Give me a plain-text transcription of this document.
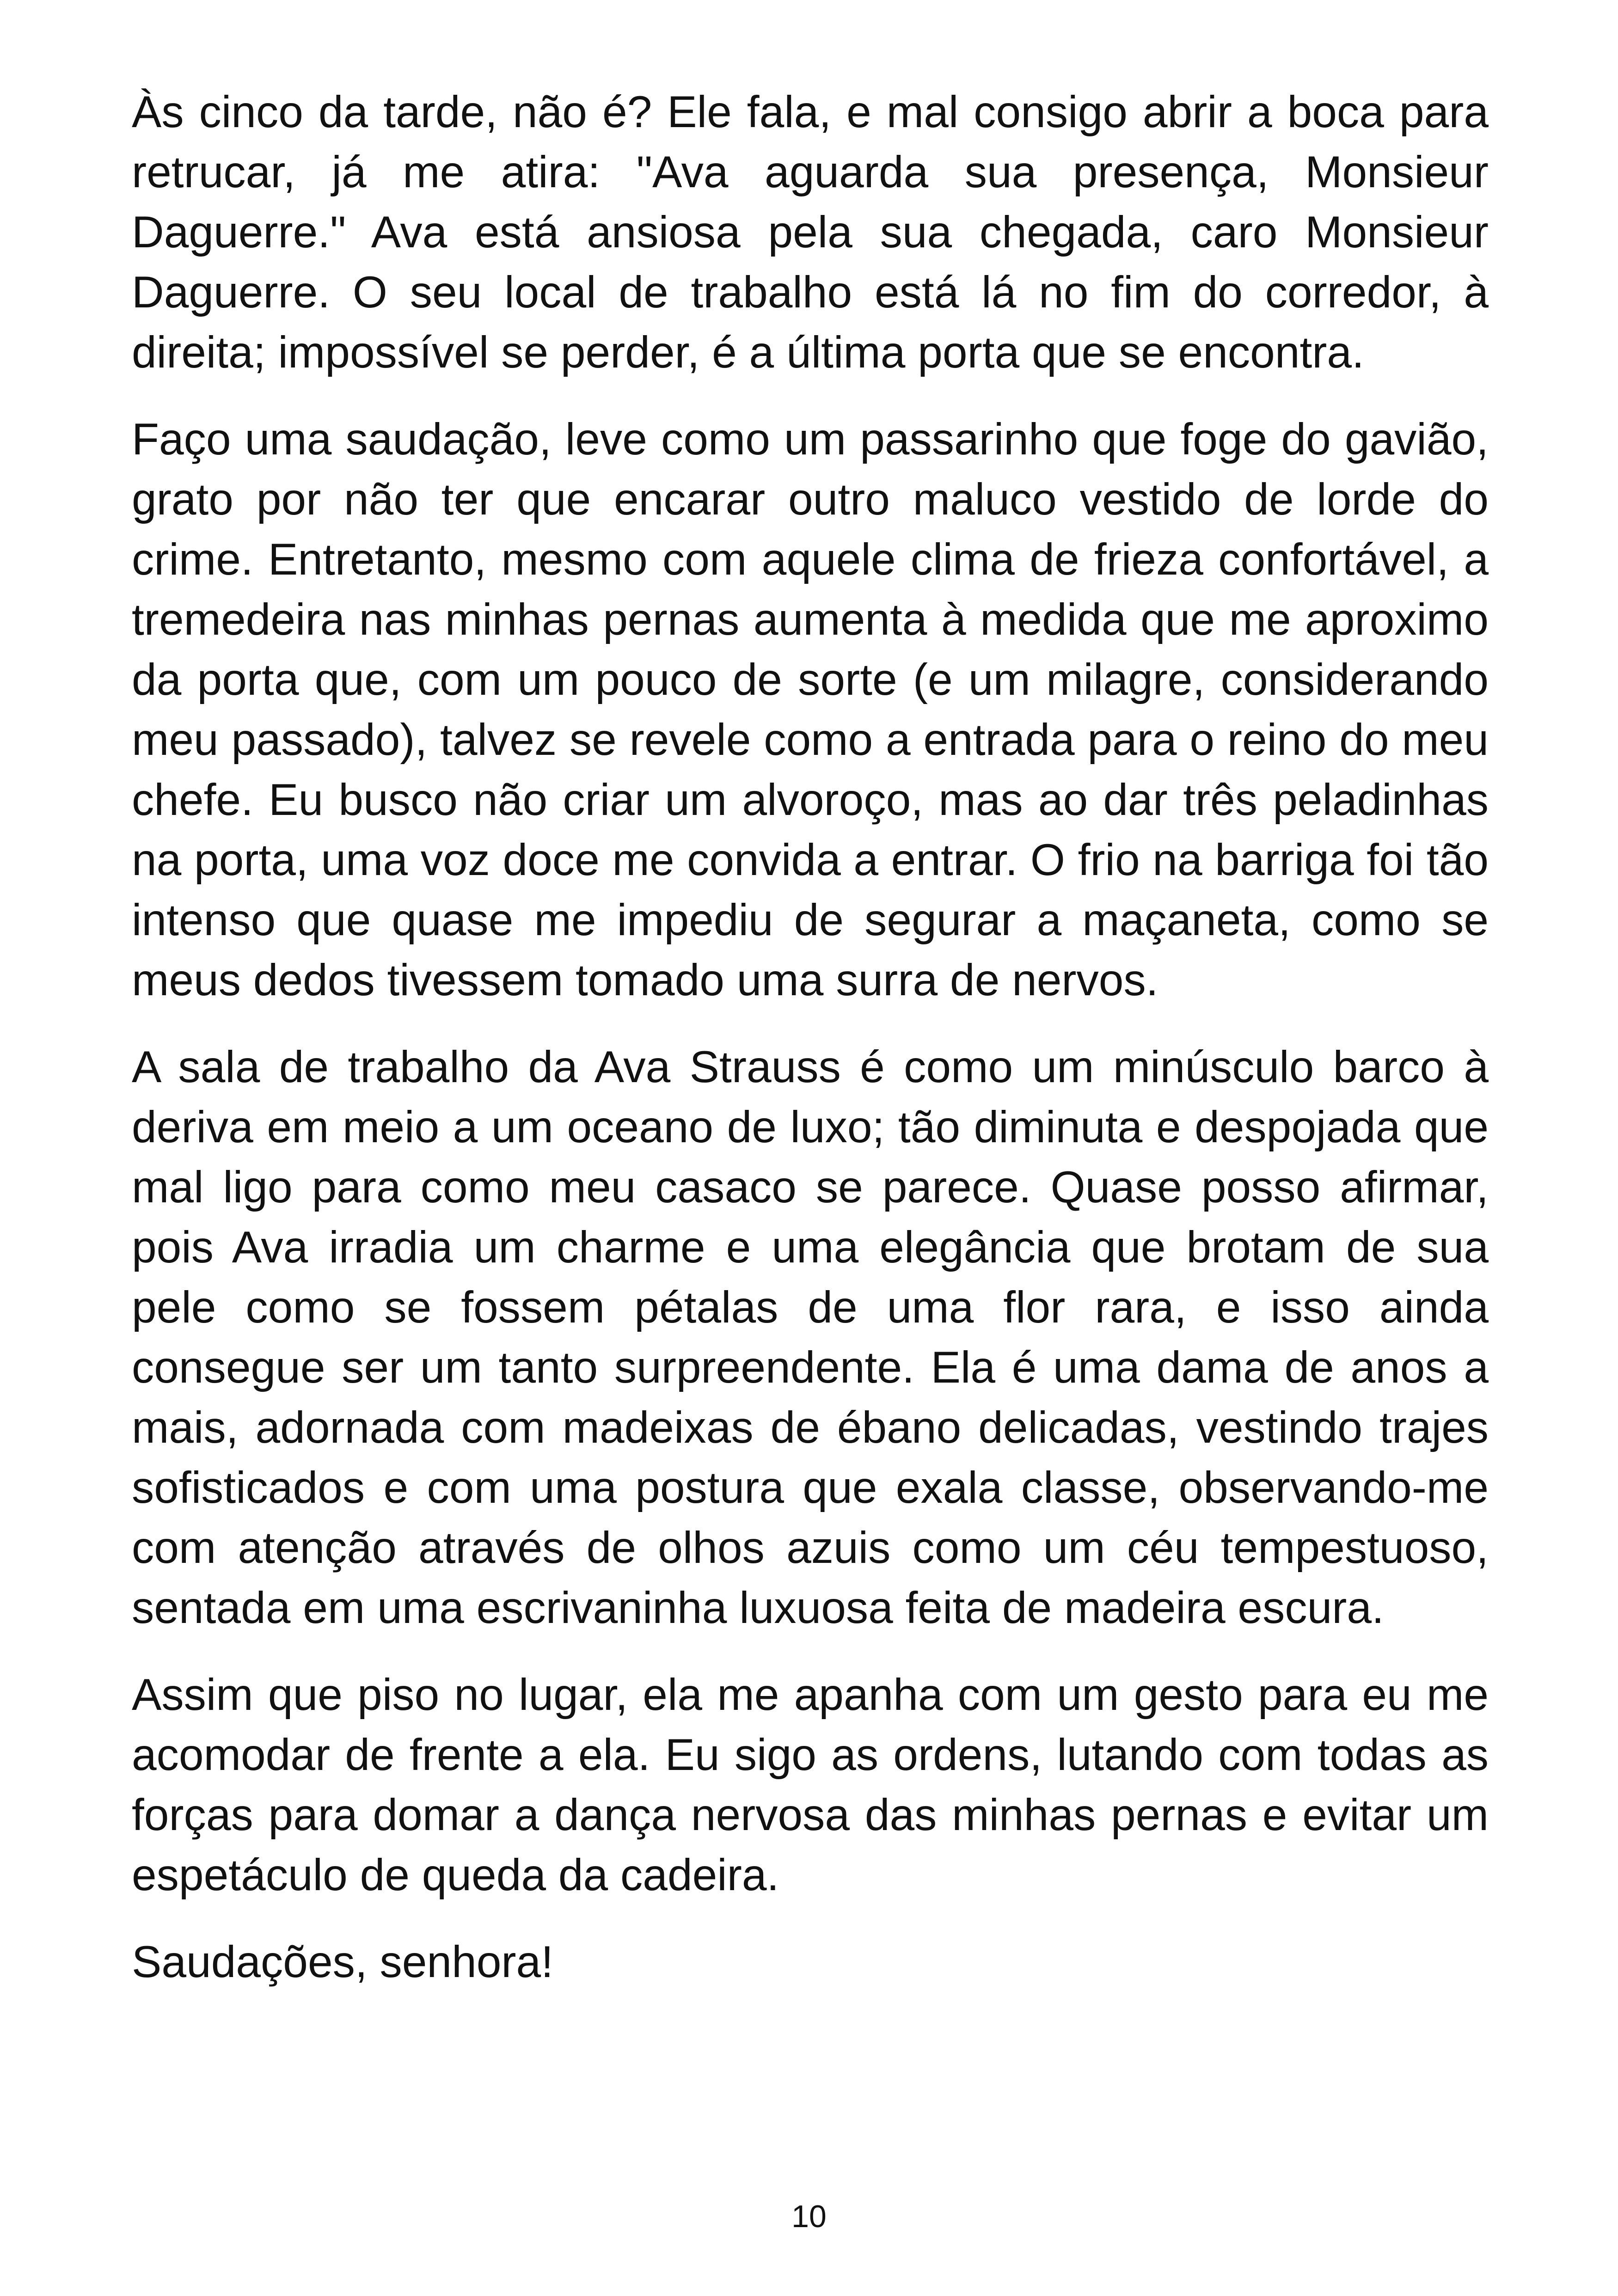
Às cinco da tarde, não é? Ele fala, e mal consigo abrir a boca para retrucar, já me atira: "Ava aguarda sua presença, Monsieur Daguerre." Ava está ansiosa pela sua chegada, caro Monsieur Daguerre. O seu local de trabalho está lá no fim do corredor, à direita; impossível se perder, é a última porta que se encontra.

Faço uma saudação, leve como um passarinho que foge do gavião, grato por não ter que encarar outro maluco vestido de lorde do crime. Entretanto, mesmo com aquele clima de frieza confortável, a tremedeira nas minhas pernas aumenta à medida que me aproximo da porta que, com um pouco de sorte (e um milagre, considerando meu passado), talvez se revele como a entrada para o reino do meu chefe. Eu busco não criar um alvoroço, mas ao dar três peladinhas na porta, uma voz doce me convida a entrar. O frio na barriga foi tão intenso que quase me impediu de segurar a maçaneta, como se meus dedos tivessem tomado uma surra de nervos.

A sala de trabalho da Ava Strauss é como um minúsculo barco à deriva em meio a um oceano de luxo; tão diminuta e despojada que mal ligo para como meu casaco se parece. Quase posso afirmar, pois Ava irradia um charme e uma elegância que brotam de sua pele como se fossem pétalas de uma flor rara, e isso ainda consegue ser um tanto surpreendente. Ela é uma dama de anos a mais, adornada com madeixas de ébano delicadas, vestindo trajes sofisticados e com uma postura que exala classe, observando-me com atenção através de olhos azuis como um céu tempestuoso, sentada em uma escrivaninha luxuosa feita de madeira escura.

Assim que piso no lugar, ela me apanha com um gesto para eu me acomodar de frente a ela. Eu sigo as ordens, lutando com todas as forças para domar a dança nervosa das minhas pernas e evitar um espetáculo de queda da cadeira.

Saudações, senhora!

10
